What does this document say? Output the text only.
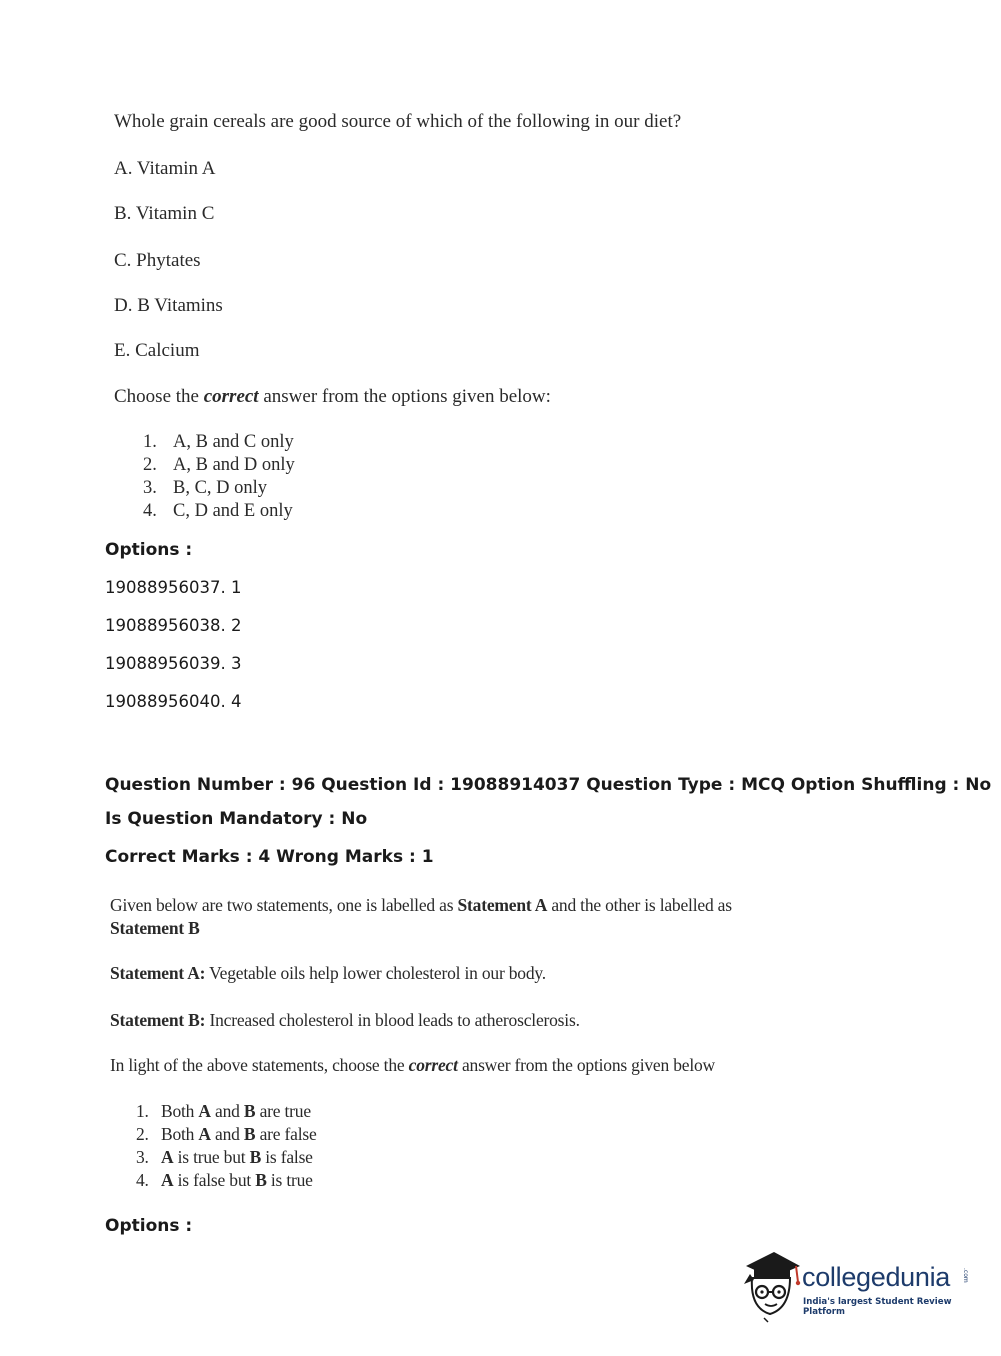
Whole grain cereals are good source of which of the following in our diet?
A. Vitamin A
B. Vitamin C
C. Phytates
D. B Vitamins
E. Calcium
Choose the correct answer from the options given below:
1. A, B and C only
2. A, B and D only
3. B, C, D only
4. C, D and E only
Options :
19088956037. 1
19088956038. 2
19088956039. 3
19088956040. 4
Question Number : 96 Question Id : 19088914037 Question Type : MCQ Option Shuffling : No
Is Question Mandatory : No
Correct Marks : 4 Wrong Marks : 1
Given below are two statements, one is labelled as Statement A and the other is labelled as
Statement B
Statement A: Vegetable oils help lower cholesterol in our body.
Statement B: Increased cholesterol in blood leads to atherosclerosis.
In light of the above statements, choose the correct answer from the options given below
1. Both A and B are true
2. Both A and B are false
3. A is true but B is false
4. A is false but B is true
Options :
collegedunia .com
India's largest Student Review Platform
